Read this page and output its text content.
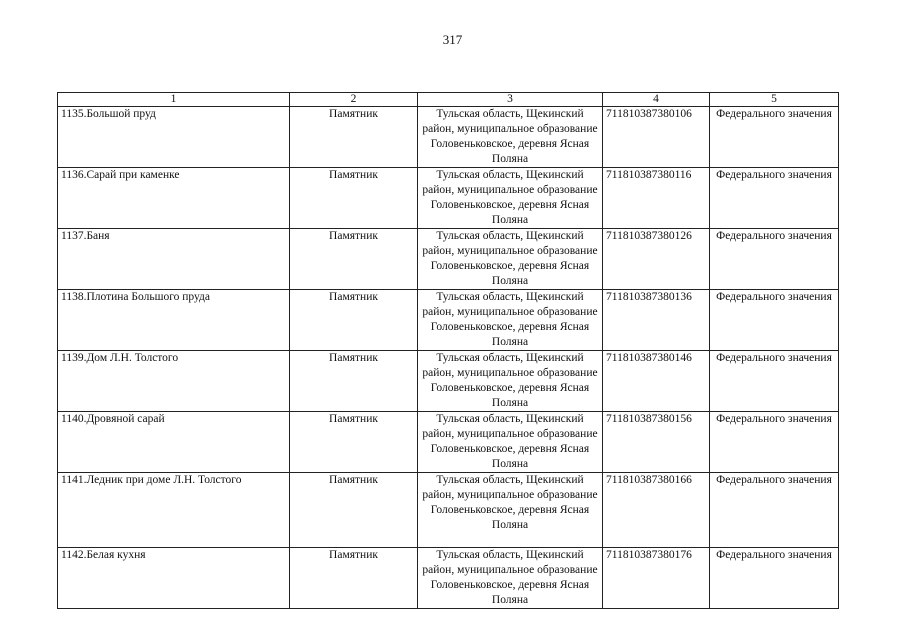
317
1	2	3	4	5
1135.Большой пруд	Памятник	Тульская область, Щекинский район, муниципальное образование Головеньковское, деревня Ясная Поляна	711810387380106	Федерального значения
1136.Сарай при каменке	Памятник	Тульская область, Щекинский район, муниципальное образование Головеньковское, деревня Ясная Поляна	711810387380116	Федерального значения
1137.Баня	Памятник	Тульская область, Щекинский район, муниципальное образование Головеньковское, деревня Ясная Поляна	711810387380126	Федерального значения
1138.Плотина Большого пруда	Памятник	Тульская область, Щекинский район, муниципальное образование Головеньковское, деревня Ясная Поляна	711810387380136	Федерального значения
1139.Дом Л.Н. Толстого	Памятник	Тульская область, Щекинский район, муниципальное образование Головеньковское, деревня Ясная Поляна	711810387380146	Федерального значения
1140.Дровяной сарай	Памятник	Тульская область, Щекинский район, муниципальное образование Головеньковское, деревня Ясная Поляна	711810387380156	Федерального значения
1141.Ледник при доме Л.Н. Толстого	Памятник	Тульская область, Щекинский район, муниципальное образование Головеньковское, деревня Ясная Поляна	711810387380166	Федерального значения
1142.Белая кухня	Памятник	Тульская область, Щекинский район, муниципальное образование Головеньковское, деревня Ясная Поляна	711810387380176	Федерального значения
